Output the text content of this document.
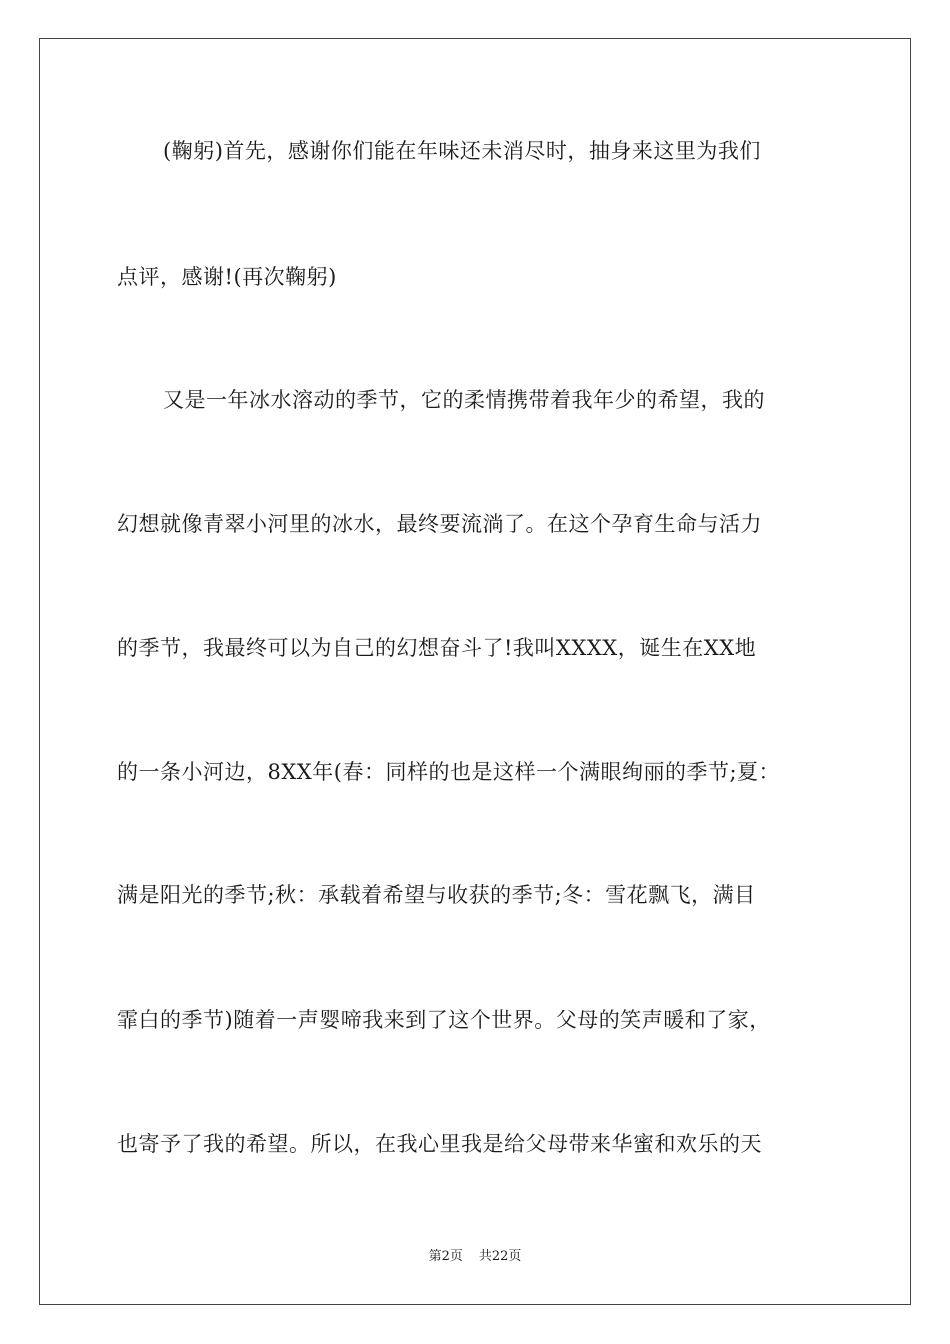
(鞠躬)首先，感谢你们能在年味还未消尽时，抽身来这里为我们
点评，感谢!(再次鞠躬)
又是一年冰水溶动的季节，它的柔情携带着我年少的希望，我的
幻想就像青翠小河里的冰水，最终要流淌了。在这个孕育生命与活力
的季节，我最终可以为自己的幻想奋斗了!我叫XXXX，诞生在XX地
的一条小河边，8XX年(春：同样的也是这样一个满眼绚丽的季节;夏：
满是阳光的季节;秋：承载着希望与收获的季节;冬：雪花飘飞，满目
霏白的季节)随着一声婴啼我来到了这个世界。父母的笑声暖和了家，
也寄予了我的希望。所以，在我心里我是给父母带来华蜜和欢乐的天
第2页 共22页
